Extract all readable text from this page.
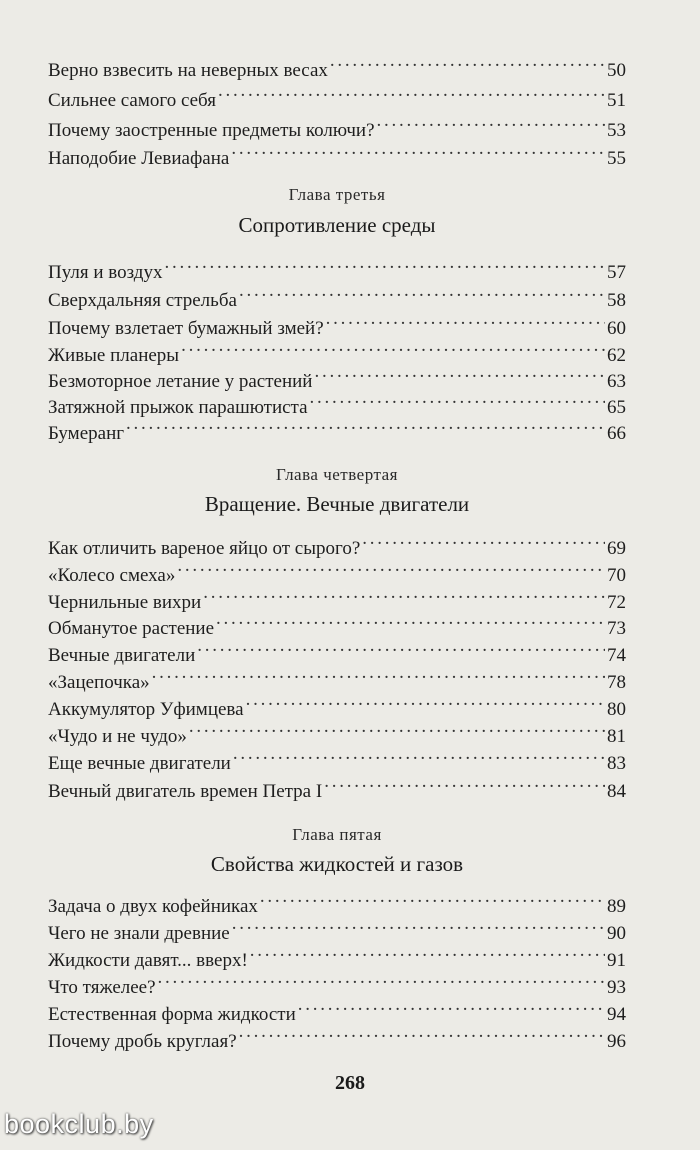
Верно взвесить на неверных весах . . .	50
Сильнее самого себя . . .	51
Почему заостренные предметы колючи? . . .	53
Наподобие Левиафана . . .	55
Глава третья
Сопротивление среды
Пуля и воздух . . .	57
Сверхдальняя стрельба . . .	58
Почему взлетает бумажный змей? . . .	60
Живые планеры . . .	62
Безмоторное летание у растений . . .	63
Затяжной прыжок парашютиста . . .	65
Бумеранг . . .	66
Глава четвертая
Вращение. Вечные двигатели
Как отличить вареное яйцо от сырого? . . .	69
«Колесо смеха» . . .	70
Чернильные вихри . . .	72
Обманутое растение . . .	73
Вечные двигатели . . .	74
«Зацепочка» . . .	78
Аккумулятор Уфимцева . . .	80
«Чудо и не чудо» . . .	81
Еще вечные двигатели . . .	83
Вечный двигатель времен Петра I . . .	84
Глава пятая
Свойства жидкостей и газов
Задача о двух кофейниках . . .	89
Чего не знали древние . . .	90
Жидкости давят... вверх! . . .	91
Что тяжелее? . . .	93
Естественная форма жидкости . . .	94
Почему дробь круглая? . . .	96
268
bookclub.by
